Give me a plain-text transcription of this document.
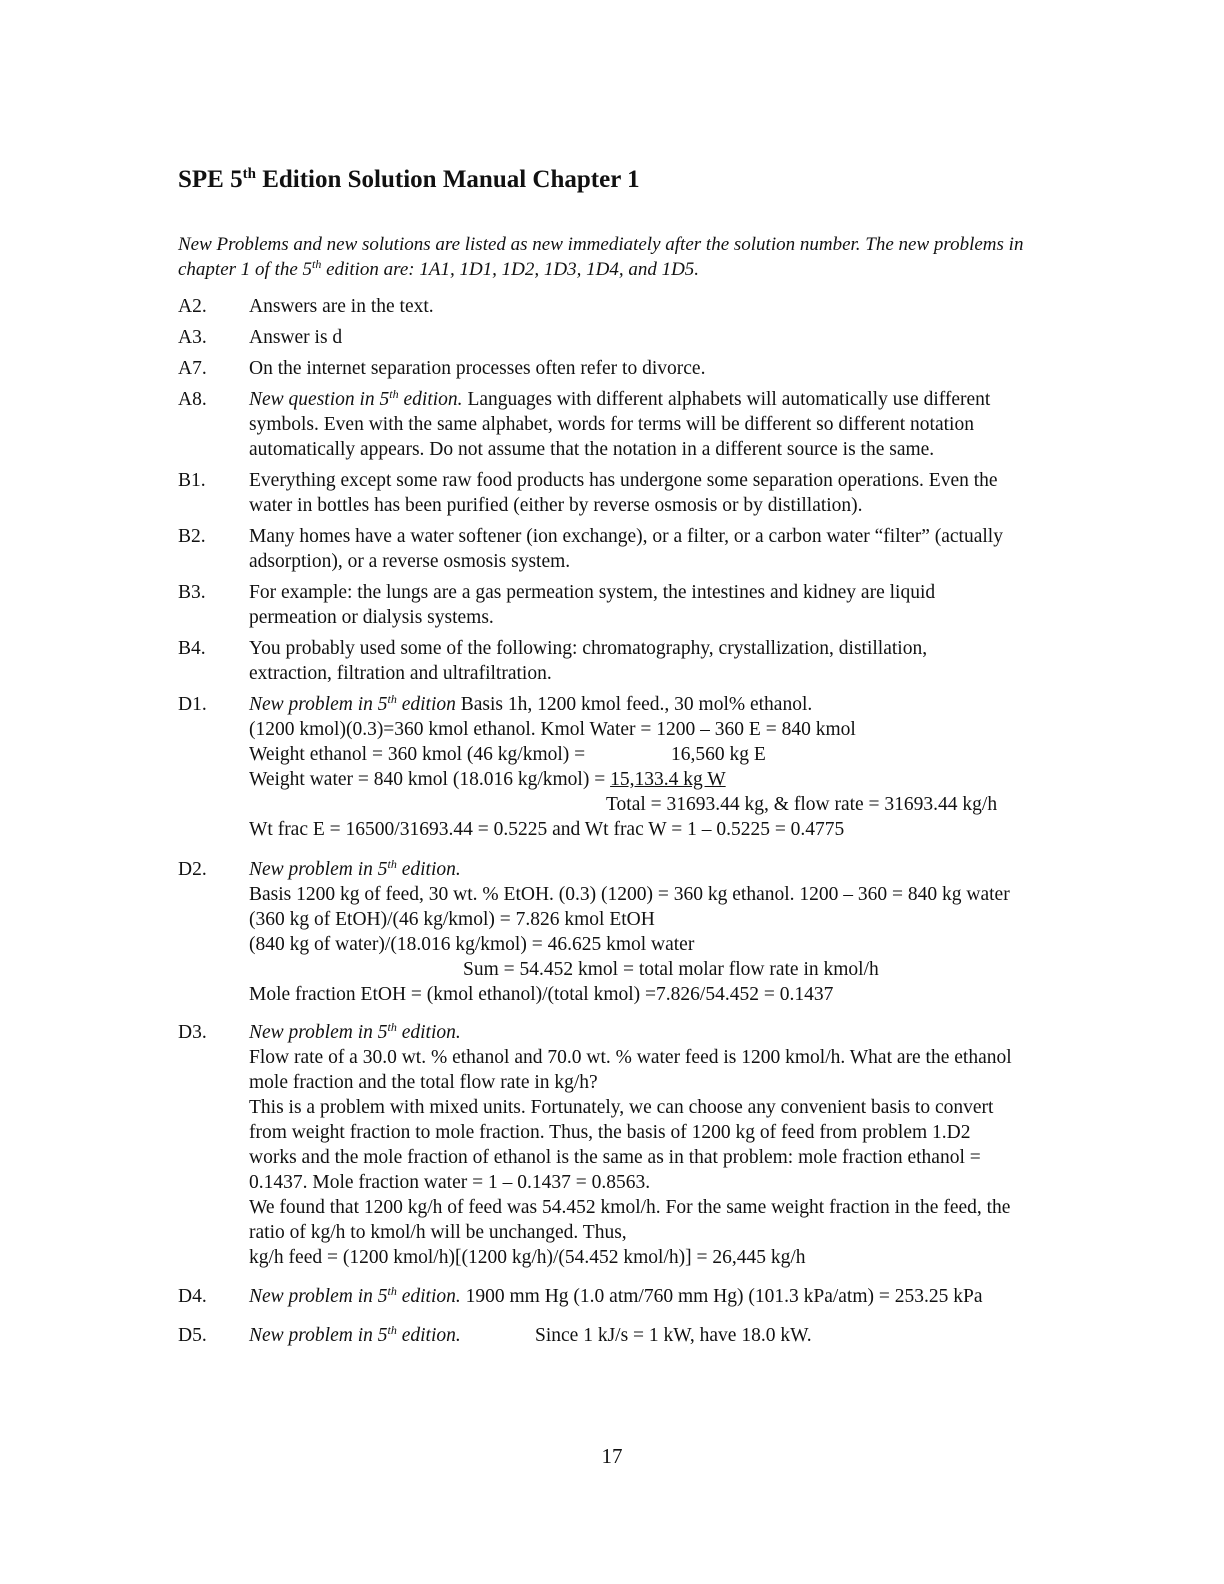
SPE 5th Edition Solution Manual Chapter 1
New Problems and new solutions are listed as new immediately after the solution number. The new problems in chapter 1 of the 5th edition are: 1A1, 1D1, 1D2, 1D3, 1D4, and 1D5.
A2. Answers are in the text.
A3. Answer is d
A7. On the internet separation processes often refer to divorce.
A8. New question in 5th edition. Languages with different alphabets will automatically use different
symbols. Even with the same alphabet, words for terms will be different so different notation
automatically appears. Do not assume that the notation in a different source is the same.
B1. Everything except some raw food products has undergone some separation operations. Even the
water in bottles has been purified (either by reverse osmosis or by distillation).
B2. Many homes have a water softener (ion exchange), or a filter, or a carbon water “filter” (actually
adsorption), or a reverse osmosis system.
B3. For example: the lungs are a gas permeation system, the intestines and kidney are liquid
permeation or dialysis systems.
B4. You probably used some of the following: chromatography, crystallization, distillation,
extraction, filtration and ultrafiltration.
D1. New problem in 5th edition Basis 1h, 1200 kmol feed., 30 mol% ethanol.
(1200 kmol)(0.3)=360 kmol ethanol. Kmol Water = 1200 – 360 E = 840 kmol
Weight ethanol = 360 kmol (46 kg/kmol) =	16,560 kg E
Weight water = 840 kmol (18.016 kg/kmol) = 15,133.4 kg W
Total = 31693.44 kg, & flow rate = 31693.44 kg/h
Wt frac E = 16500/31693.44 = 0.5225 and Wt frac W = 1 – 0.5225 = 0.4775
D2. New problem in 5th edition.
Basis 1200 kg of feed, 30 wt. % EtOH. (0.3) (1200) = 360 kg ethanol. 1200 – 360 = 840 kg water
(360 kg of EtOH)/(46 kg/kmol) = 7.826 kmol EtOH
(840 kg of water)/(18.016 kg/kmol) = 46.625 kmol water
Sum = 54.452 kmol = total molar flow rate in kmol/h
Mole fraction EtOH = (kmol ethanol)/(total kmol) =7.826/54.452 = 0.1437
D3. New problem in 5th edition.
Flow rate of a 30.0 wt. % ethanol and 70.0 wt. % water feed is 1200 kmol/h. What are the ethanol
mole fraction and the total flow rate in kg/h?
This is a problem with mixed units. Fortunately, we can choose any convenient basis to convert
from weight fraction to mole fraction. Thus, the basis of 1200 kg of feed from problem 1.D2
works and the mole fraction of ethanol is the same as in that problem: mole fraction ethanol =
0.1437. Mole fraction water = 1 – 0.1437 = 0.8563.
We found that 1200 kg/h of feed was 54.452 kmol/h. For the same weight fraction in the feed, the
ratio of kg/h to kmol/h will be unchanged. Thus,
kg/h feed = (1200 kmol/h)[(1200 kg/h)/(54.452 kmol/h)] = 26,445 kg/h
D4. New problem in 5th edition. 1900 mm Hg (1.0 atm/760 mm Hg) (101.3 kPa/atm) = 253.25 kPa
D5. New problem in 5th edition.	Since 1 kJ/s = 1 kW, have 18.0 kW.
17
